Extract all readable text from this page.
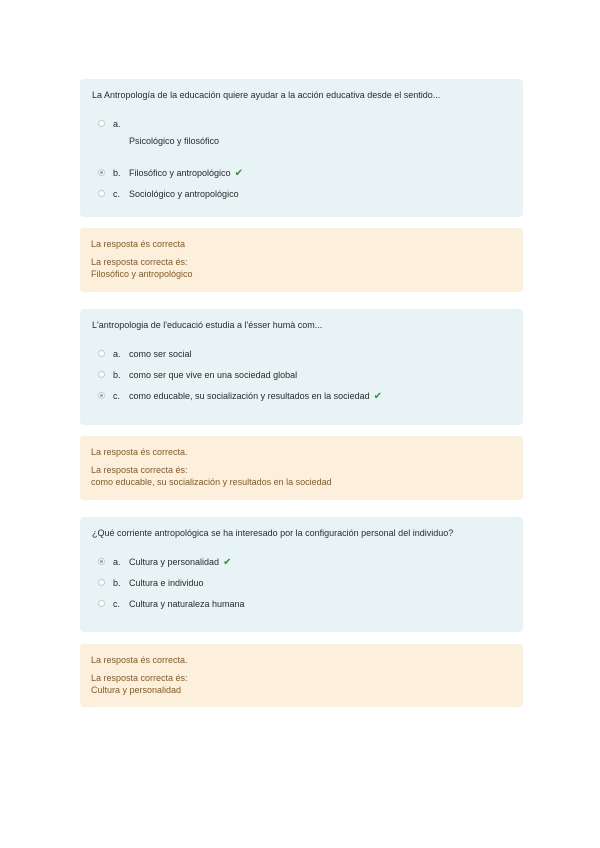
La Antropología de la educación quiere ayudar a la acción educativa desde el sentido...
a.
Psicológico y filosófico
b. Filosófico y antropológico ✔
c. Sociológico y antropológico
La resposta és correcta
La resposta correcta és:
Filosófico y antropológico
L'antropologia de l'educació estudia a l'ésser humà com...
a. como ser social
b. como ser que vive en una sociedad global
c. como educable, su socialización y resultados en la sociedad ✔
La resposta és correcta.
La resposta correcta és:
como educable, su socialización y resultados en la sociedad
¿Qué corriente antropológica se ha interesado por la configuración personal del individuo?
a. Cultura y personalidad ✔
b. Cultura e individuo
c. Cultura y naturaleza humana
La resposta és correcta.
La resposta correcta és:
Cultura y personalidad
